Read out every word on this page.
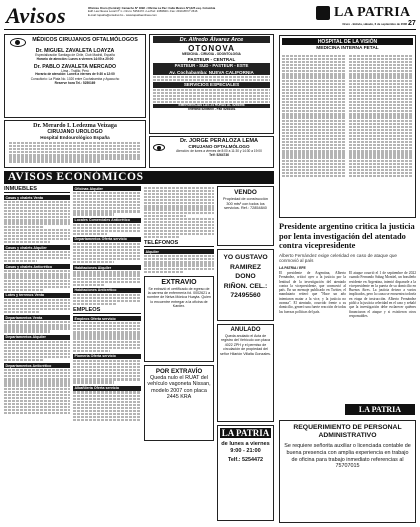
Avisos	Oficinas Oruro (Central): Camacho Nº 1892 • Oficina La Paz: Calle Mexico Nº1425 esq. Colombia
Edif. Las Nieves Local Nº 1 • Oruro: 5254472 • La Paz: 2483840 • Fax: 2910-88 Nº 2616
E-mail: lapatria@entelnet.bo - www.lapatriaenlinea.com	LA PATRIA
Oruro - Bolivia, sábado, 6 de septiembre de 2008 27
MÉDICOS CIRUJANOS OFTALMÓLOGOS
Dr. MIGUEL ZAVALETA LOAYZA
Especialización Santiago de Chile, Club Madrid, España
Horario de atención: Lunes a viernes 14:00 a 20:00
Dr. PABLO ZAVALETA MERCADO
Lima - Trujillo, Perú
Horario de atención: Lunes a viernes de 9:30 a 12:00
Consultorio: La Plata No. 1020 entre Cochabamba y Ayacucho
Reserve hora Tel.: 5250169
Dr. Merardo I. Ledezma Veizaga
CIRUJANO UROLOGO
Hospital Endourológico España
Dr. Alfredo Álvarez Arce
OTONOVA
MEDICINA - CIRUGIA - ODONTOLOGIA
PASTEUR - CENTRAL
PASTEUR - SUD - PASTEUR - ESTE
Av. Cochabamba: NUEVA CALIFORNIA
SERVICIOS ESPECIALES
EMERGENCIAS LAS 24 HORAS AL 5254598
Teléfono 5255000 - Fax 5254451
Dr. JORGE PERALOZA LEMA
CIRUJANO OFTALMÓLOGO
Atención: de lunes a viernes de 8:00 a 11:30 y 14:30 a 19:00
Telf: 5264736
AVISOS ECONÓMICOS
INMUEBLES
Casas y chalets Venta
Casas y chalets Alquiler
Casas y chalets Anticrético
Lotes y terrenos Venta
Departamentos Venta
Departamentos Alquiler
Departamentos Anticrético
Oficinas Alquiler
Locales Comerciales Anticrético
Departamentos Oferta servicio
Habitaciones Alquiler
Habitaciones Anticrético
EMPLEOS
Empleos Oferta servicio
Plomería Oferta servicio
Albañilería Oferta servicio
TELÉFONOS
Alquiler
EXTRAVIO
Se extravió el certificado de egreso de la carrera de enfermería fol. 0002621 a nombre de Neiva Mónica Huayta. Quien lo encuentre entregar a la oficina de Kardex.
POR EXTRAVÍO
Queda nulo el RUAT del vehículo vagoneta Nissan, modelo 2007 con placa 2445 KRA
VENDO
Propiedad de construcción 300 mts² con todos los servicios. Ref.: 72854840
YO GUSTAVO
RAMIREZ
DONO
RIÑON. CEL.:
72495560
ANULADO
Queda anulado el Acta de registro del Vehículo con placa 4022 ZPH y el permiso de circulación de propiedad del señor Hilarión Villalta Gonzales.
LA PATRIA
de lunes a viernes 9:00 - 21:00
Telf.: 5254472
HOSPITAL DE LA VISIÓN
MEDICINA INTERNA FETAL
Presidente argentino critica la justicia por lenta investigación del atentado contra vicepresidente
Alberto Fernández exige celeridad en caso de ataque que conmovió al país
LA PATRIA / EFE
El presidente de Argentina, Alberto Fernández, criticó ayer a la justicia por la lentitud de la investigación del atentado contra la vicepresidente, que conmovió al país. En un mensaje publicado en Twitter, el mandatario reiteró que "Hace un año intentaron matar a la vice, y la justicia no avanza". El atentado, ocurrido frente a su domicilio, generó una fuerte reacción de todas las fuerzas políticas del país.
El ataque ocurrió el 1 de septiembre de 2022 cuando Fernando Sabag Montiel, un brasileño residente en Argentina, intentó dispararle a la vicepresidente en la puerta de su domicilio en Buenos Aires. La justicia detuvo a varios implicados, pero la causa se encuentra todavía en etapa de instrucción. Alberto Fernández pidió a la justicia celeridad en el caso y señaló que la investigación debe esclarecer quiénes financiaron el ataque y si existieron otros responsables.
LA PATRIA
REQUERIMIENTO DE PERSONAL ADMINISTRATIVO
Se requiere señorita auxiliar o licenciada contable de buena presencia con amplia experiencia en trabajo de oficina para trabajo inmediato referencias al 75707015
